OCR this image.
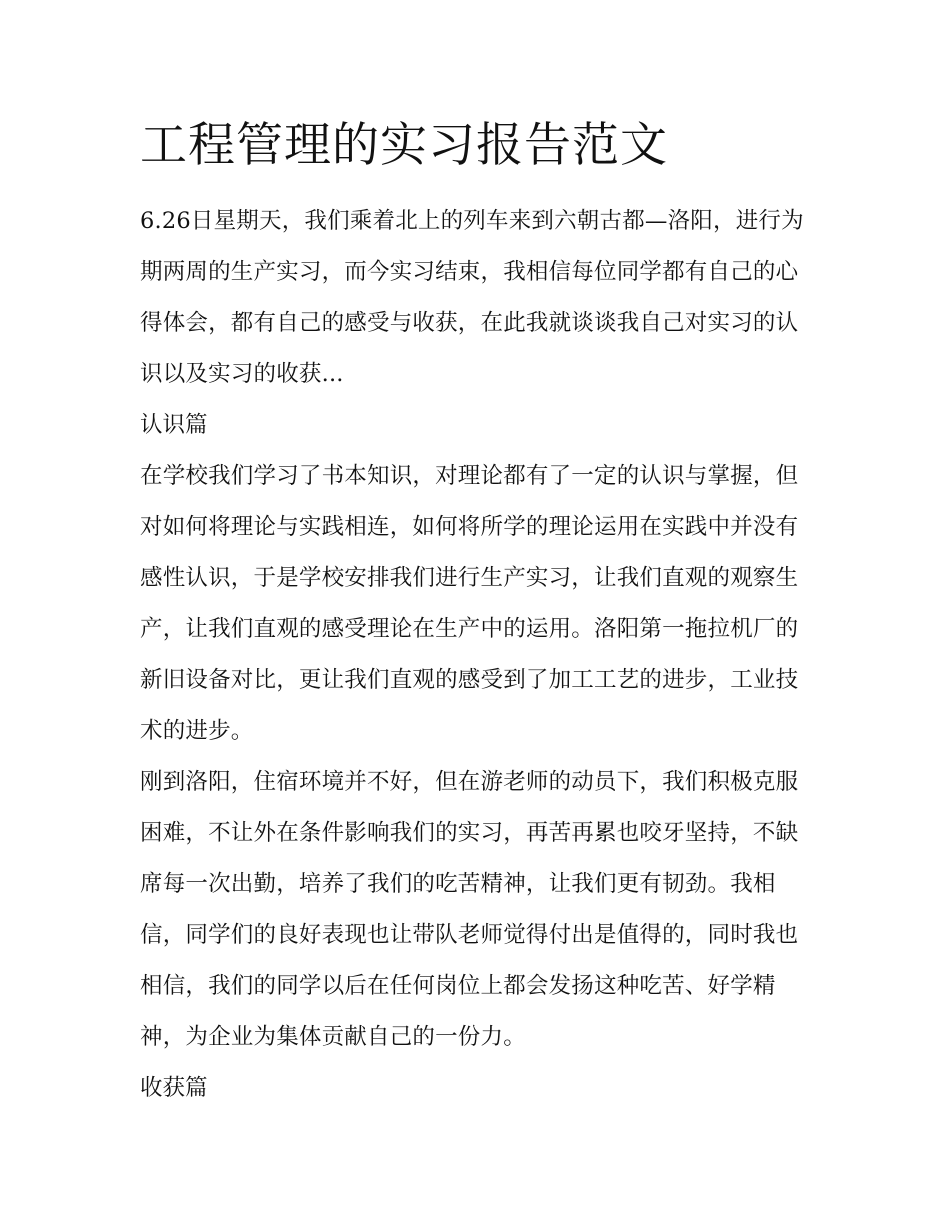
工程管理的实习报告范文

6.26日星期天，我们乘着北上的列车来到六朝古都—洛阳，进行为期两周的生产实习，而今实习结束，我相信每位同学都有自己的心得体会，都有自己的感受与收获，在此我就谈谈我自己对实习的认识以及实习的收获...

认识篇

在学校我们学习了书本知识，对理论都有了一定的认识与掌握，但对如何将理论与实践相连，如何将所学的理论运用在实践中并没有感性认识，于是学校安排我们进行生产实习，让我们直观的观察生产，让我们直观的感受理论在生产中的运用。洛阳第一拖拉机厂的新旧设备对比，更让我们直观的感受到了加工工艺的进步，工业技术的进步。

刚到洛阳，住宿环境并不好，但在游老师的动员下，我们积极克服困难，不让外在条件影响我们的实习，再苦再累也咬牙坚持，不缺席每一次出勤，培养了我们的吃苦精神，让我们更有韧劲。我相信，同学们的良好表现也让带队老师觉得付出是值得的，同时我也相信，我们的同学以后在任何岗位上都会发扬这种吃苦、好学精神，为企业为集体贡献自己的一份力。

收获篇
